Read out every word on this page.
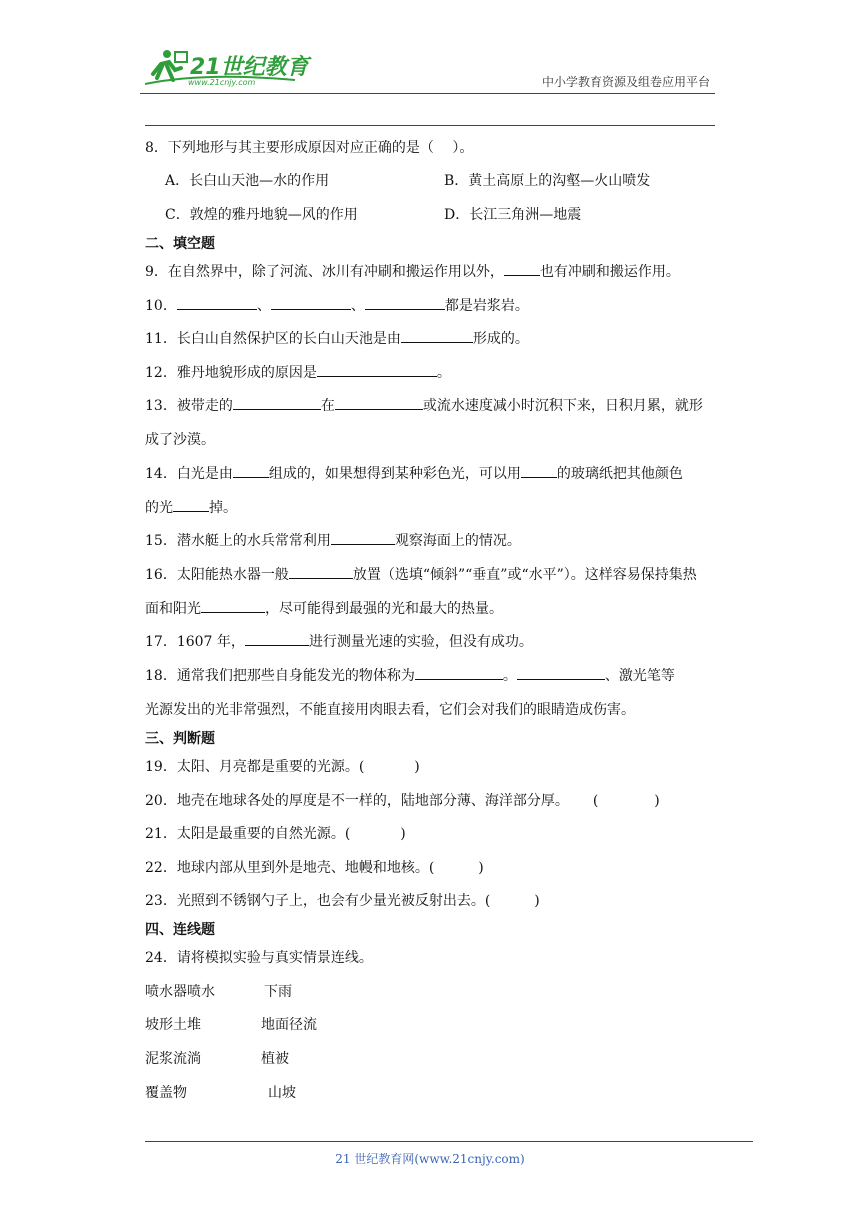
21世纪教育
www.21cnjy.com	中小学教育资源及组卷应用平台
8．下列地形与其主要形成原因对应正确的是（　 ）。
A．长白山天池—水的作用	B．黄土高原上的沟壑—火山喷发
C．敦煌的雅丹地貌—风的作用	D．长江三角洲—地震
二、填空题
9．在自然界中，除了河流、冰川有冲刷和搬运作用以外，	也有冲刷和搬运作用。
10．	、	、	都是岩浆岩。
11．长白山自然保护区的长白山天池是由	形成的。
12．雅丹地貌形成的原因是	。
13．被带走的	在	或流水速度减小时沉积下来，日积月累，就形
成了沙漠。
14．白光是由	组成的，如果想得到某种彩色光，可以用	的玻璃纸把其他颜色
的光	掉。
15．潜水艇上的水兵常常利用	观察海面上的情况。
16．太阳能热水器一般	放置（选填“倾斜”“垂直”或“水平”）。这样容易保持集热
面和阳光	，尽可能得到最强的光和最大的热量。
17．1607 年，	进行测量光速的实验，但没有成功。
18．通常我们把那些自身能发光的物体称为	。	、激光笔等
光源发出的光非常强烈，不能直接用肉眼去看，它们会对我们的眼睛造成伤害。
三、判断题
19．太阳、月亮都是重要的光源。(	)
20．地壳在地球各处的厚度是不一样的，陆地部分薄、海洋部分厚。 (	)
21．太阳是最重要的自然光源。(	)
22．地球内部从里到外是地壳、地幔和地核。(	)
23．光照到不锈钢勺子上，也会有少量光被反射出去。(	)
四、连线题
24．请将模拟实验与真实情景连线。
喷水器喷水	下雨
坡形土堆	地面径流
泥浆流淌	植被
覆盖物	山坡
21 世纪教育网(www.21cnjy.com)
